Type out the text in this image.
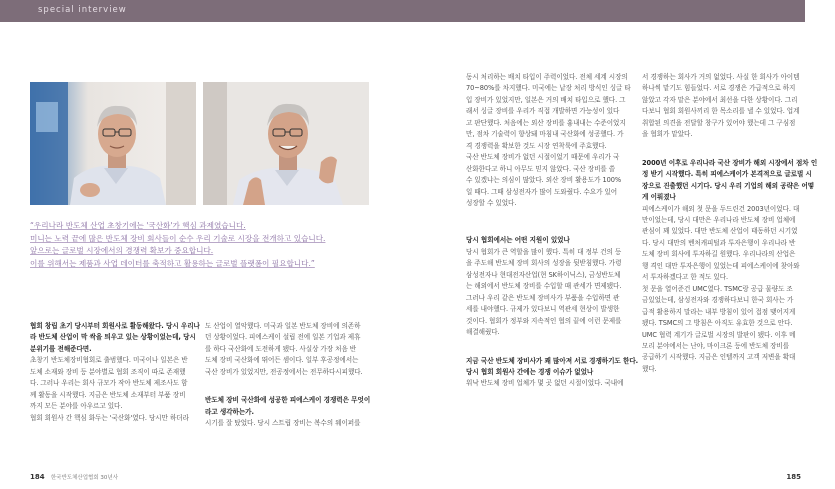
special interview
“우리나라 반도체 산업 초창기에는 '국산화'가 핵심 과제였습니다.
미니는 노력 끝에 많은 반도체 장비 회사들이 순수 우리 기술로 시장을 전개하고 있습니다.
앞으로는 글로벌 시장에서의 경쟁력 확보가 중요합니다.
이를 위해서는 제품과 사업 데이터를 축적하고 활용하는 글로벌 플랫폼이 필요합니다.”
협회 창립 초기 당시부터 회원사로 활동해왔다. 당시 우리나
라 반도체 산업이 막 싹을 틔우고 있는 상황이었는데, 당시
분위기를 전해준다면.
초창기 반도체장비협회로 출범했다. 미국이나 일본은 반
도체 소재와 장비 등 분야별로 협회 조직이 따로 존재했
다. 그러나 우리는 회사 규모가 작아 반도체 제조사도 함
께 활동을 시작했다. 지금은 반도체 소재부터 부품 장비
까지 모든 분야를 아우르고 있다.
협회 회원사 간 핵심 화두는 '국산화'였다. 당시만 하더라
도 산업이 열악했다. 미국과 일본 반도체 장비에 의존하
던 상황이었다. 피에스케이 설립 전에 일본 기업과 제휴
를 하다 국산화에 도전하게 됐다. 사실상 가장 처음 반
도체 장비 국산화에 뛰어든 셈이다. 일부 후공정에서는
국산 장비가 있었지만, 전공정에서는 전무하다시피했다.
반도체 장비 국산화에 성공한 피에스케이 경쟁력은 무엇이
라고 생각하는가.
시기를 잘 탔었다. 당시 스트립 장비는 복수의 웨이퍼를
동시 처리하는 배치 타입이 주력이었다. 전체 세계 시장의
70~80%를 차지했다. 미국에는 낱장 처리 방식인 싱글 타
입 장비가 있었지만, 일본은 거의 배치 타입으로 했다. 그
래서 싱글 장비를 우리가 직접 개발하면 가능성이 있다
고 판단했다. 처음에는 외산 장비를 흉내내는 수준이었지
만, 점차 기술력이 향상돼 마침내 국산화에 성공했다. 가
격 경쟁력을 확보한 것도 시장 연착륙에 주효했다.
국산 반도체 장비가 없던 시절이었기 때문에 우리가 국
산화한다고 하니 아무도 믿지 않았다. 국산 장비를 쓸
수 있겠냐는 의심이 많았다. 외산 장비 활용도가 100%
일 때다. 그때 삼성전자가 많이 도와줬다. 수요가 있어
성장할 수 있었다.
당시 협회에서는 어떤 지원이 있었나
당시 협회가 큰 역할을 많이 했다. 특히 대 정부 건의 등
을 주도해 반도체 장비 회사의 성장을 뒷받침했다. 가령
삼성전자나 현대전자산업(현 SK하이닉스), 금성반도체
는 해외에서 반도체 장비를 수입할 때 관세가 면제됐다.
그러나 우리 같은 반도체 장비사가 부품을 수입하면 관
세를 내야했다. 규제가 있다보니 역관세 현상이 발생한
것이다. 협회가 정부와 지속적인 협의 끝에 이런 문제를
해결해줬다.
지금 국산 반도체 장비사가 꽤 많아져 서로 경쟁하기도 한다.
당시 협회 회원사 간에는 경쟁 이슈가 없었나
워낙 반도체 장비 업체가 몇 곳 없던 시절이었다. 국내에
서 경쟁하는 회사가 거의 없었다. 사실 한 회사가 아이템
하나씩 맡기도 힘들었다. 서로 경쟁은 가급적으로 하지
않았고 각자 맡은 분야에서 최선을 다한 상황이다. 그리
다보니 협회 회원사끼리 한 목소리를 낼 수 있었다. 업계
취합된 의견을 전달할 창구가 있어야 했는데 그 구심점
을 협회가 맡았다.
2000년 이후로 우리나라 국산 장비가 해외 시장에서 점차 인
정 받기 시작했다. 특히 피에스케이가 본격적으로 글로벌 시
장으로 진출했던 시기다. 당시 우리 기업의 해외 공략은 어떻
게 이뤄졌나
피에스케이가 해외 첫 문을 두드린건 2003년이었다. 대
만이었는데, 당시 대만은 우리나라 반도체 장비 업체에
관심이 꽤 있었다. 대만 반도체 산업이 태동하던 시기였
다. 당시 대만의 벤처캐피털과 투자은행이 우리나라 반
도체 장비 회사에 투자하길 원했다. 우리나라의 산업은
행 격인 대만 투자은행이 있었는데 피에스케이에 찾아와
서 투자하겠다고 한 적도 있다.
첫 문을 열어준건 UMC였다. TSMC랑 공급 물량도 조
금있었는데, 삼성전자와 경쟁하다보니 한국 회사는 가
급적 활용하지 말라는 내부 방침이 있어 접점 맺어지게
됐다. TSMC의 그 방침은 아직도 유효한 것으로 안다.
UMC 협력 계기가 글로벌 시장의 발판이 됐다. 이후 메
모리 분야에서는 난야, 마이크론 등에 반도체 장비를
공급하기 시작했다. 지금은 인텔까지 고객 저변을 확대
했다.
184 한국반도체산업협회 30년사	185
